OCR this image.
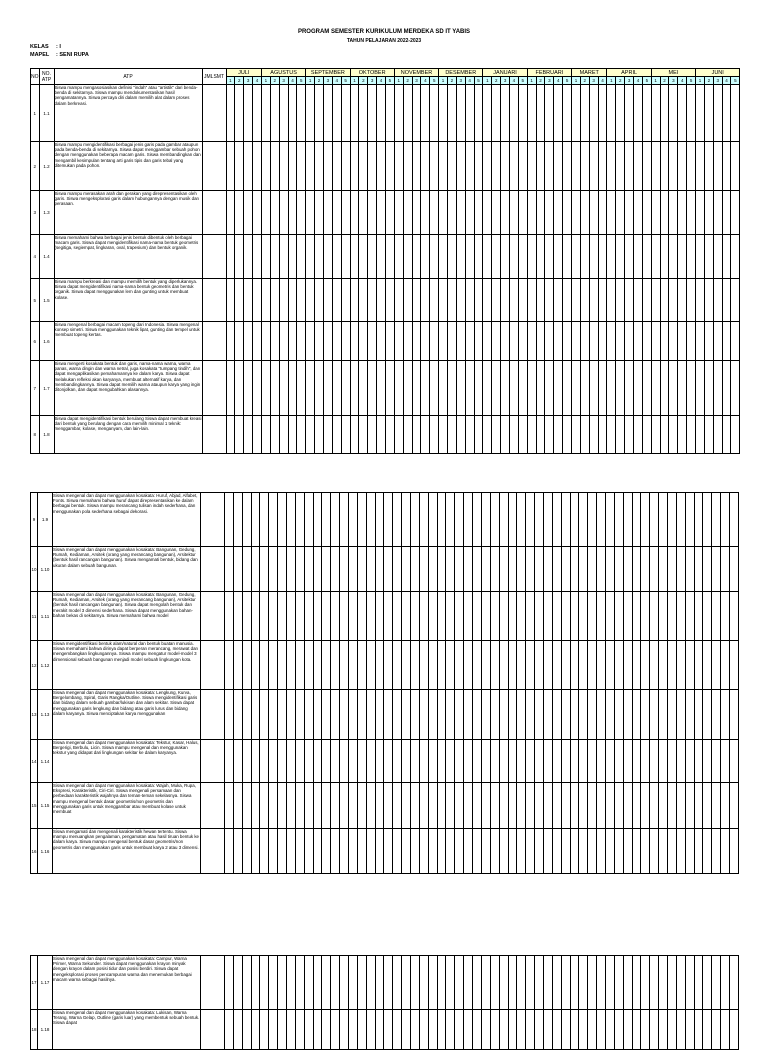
PROGRAM SEMESTER KURIKULUM MERDEKA SD IT YABIS
TAHUN PELAJARAN 2022-2023
KELAS : I
MAPEL : SENI RUPA
NO	NO. ATP	ATP	JMLSMT	JULI				AGUSTUS					SEPTEMBER					OKTOBER					NOVEMBER					DESEMBER					JANUARI					FEBRUARI					MARET				APRIL					MEI					JUNI				
				1	2	3	4	1	2	3	4	5	1	2	3	4	5	1	2	3	4	5	1	2	3	4	5	1	2	3	4	5	1	2	3	4	5	1	2	3	4	5	1	2	3	4	1	2	3	4	5	1	2	3	4	5	1	2	3	4	5
1	1.1	Siswa mampu mengasosiasikan definisi "indah" atau "artistik" dari benda-benda di sekitarnya. Siswa mampu mendokumentasikan hasil pengamatannya. Siswa percaya diri dalam memilih alat dalam proses dalam berkreasi.																																																											

2	1.2	Siswa mampu mengidentifikasi berbagai jenis garis pada gambar ataupun pada benda-benda di sekitarnya. Siswa dapat menggambar sebuah pohon dengan menggunakan beberapa macam garis. Siswa membandingkan dan mengambil kesimpulan tentang arti garis tipis dan garis tebal yang ditemukan pada pohon.																																																											

3	1.3	Siswa mampu merasakan arah dan gerakan yang direpresentasikan oleh garis. Siswa mengeksplorasi garis dalam hubungannya dengan musik dan perasaan.																																																											

4	1.4	Siswa memahami bahwa berbagai jenis bentuk dibentuk oleh berbagai macam garis. Siswa dapat mengidentifikasi nama-nama bentuk geometris (segitiga, segiempat, lingkaran, oval, trapesium) dan bentuk organik.																																																											

5	1.5	Siswa mampu berkreasi dan mampu memilih bentuk yang diperlukannya. Siswa dapat mengidentifikasi nama-nama bentuk geometris dan bentuk organik. Siswa dapat menggunakan lem dan gunting untuk membuat kolase.																																																											

6	1.6	Siswa mengenal berbagai macam topeng dari Indonesia. Siswa mengenal konsep simetri. Siswa menggunakan teknik lipat, gunting dan tempel untuk membuat topeng kertas.																																																											

7	1.7	Siswa mengerti kosakata bentuk dan garis, nama-nama warna, warna panas, warna dingin dan warna netral, juga kosakata "tumpang tindih", dan dapat mengaplikasikan pemahamannya ke dalam karya. Siswa dapat melakukan refleksi akan karyanya, membuat alternatif karya, dan membandingkannya. Siswa dapat memilih warna ataupun karya yang ingin ditonjolkan, dan dapat mengubahkan alasannya.																																																											

8	1.8	Siswa dapat mengidentifikasi bentuk berulang Siswa dapat membuat kreasi dari bentuk yang berulang dengan cara memilih minimal 1 teknik: menggambar, kolase, menganyam, dan lain-lain.																																																											

9	1.9	Siswa mengenal dan dapat menggunakan kosakata: Huruf, Abjad, Alfabet, Fonts. Siswa memahami bahwa huruf dapat direpresentasikan ke dalam berbagai bentuk. Siswa mampu merancang tulisan indah sederhana, dan menggunakan pola sederhana sebagai dekorasi.																																																											

10	1.10	Siswa mengenal dan dapat menggunakan kosakata: Bangunan, Gedung, Rumah, Kediaman, Arsitek (orang yang merancang bangunan), Arsitektur (bentuk hasil rancangan bangunan). Siswa mengamati bentuk, bidang dan ukuran dalam sebuah bangunan.																																																											

11	1.11	Siswa mengenal dan dapat menggunakan kosakata: Bangunan, Gedung, Rumah, Kediaman, Arsitek (orang yang merancang bangunan), Arsitektur (bentuk hasil rancangan bangunan). Siswa dapat mengolah bentuk dan merakit model 3 dimensi sederhana. Siswa dapat menggunakan bahan-bahan bekas di sekitarnya. Siswa memahami bahwa model																																																											

12	1.12	Siswa mengidentifikasi bentuk alam/natural dan bentuk buatan manusia. Siswa memahami bahwa dirinya dapat berperan merancang, merawat dan mengembangkan lingkungannya. Siswa mampu mengatur model-model 3 dimensional sebuah bangunan menjadi model sebuah lingkungan kota.																																																											

13	1.13	Siswa mengenal dan dapat menggunakan kosakata: Lengkung, Kurva, Bergelombang, Spiral, Garis Rangka/Outline. Siswa mengidentifikasi garis dan bidang dalam sebuah gambar/lukisan dan alam sekitar. Siswa dapat menggunakan garis lengkung dan bidang atau garis lurus dan bidang dalam karyanya. Siswa menciptakan karya menggunakan																																																											

14	1.14	Siswa mengenal dan dapat menggunakan kosakata: Tekstur, Kasar, Halus, Bergerigi, Berbulu, Licin. Siswa mampu mengenal dan menggunakan tekstur yang didapat dari lingkungan sekitar ke dalam karyanya.																																																											

15	1.15	Siswa mengenal dan dapat menggunakan kosakata: Wajah, Muka, Rupa, Ekspresi, Karakteristik, Ciri-Ciri. Siswa mengenali persamaan dan perbedaan karakteristik wajahnya dan teman-teman sekelasnya. Siswa mampu mengenal bentuk dasar geometris/non geometris dan menggunakan garis untuk menggambar atau membuat kolase untuk membuat																																																											

16	1.16	Siswa mengamati dan mengenali karakteristik hewan tertentu. Siswa mampu menuangkan pengalaman, pengamatan atau hasil tiruan bentuk ke dalam karya. Siswa mampu mengenal bentuk dasar geometris/non geometris dan menggunakan garis untuk membuat karya 2 atau 3 dimensi.																																																											

17	1.17	Siswa mengenal dan dapat menggunakan kosakata: Campur, Warna Primer, Warna Sekunder. Siswa dapat menggunakan krayon minyak dengan krayon dalam posisi tidur dan posisi berdiri. Siswa dapat mengeksplorasi proses pencampuran warna dan menemukan berbagai macam warna sebagai hasilnya.																																																											

18	1.18	Siswa mengenal dan dapat menggunakan kosakata: Lukisan, Warna Terang, Warna Gelap, Outline (garis luar) yang membentuk sebuah bentuk. Siswa dapat																																																											
